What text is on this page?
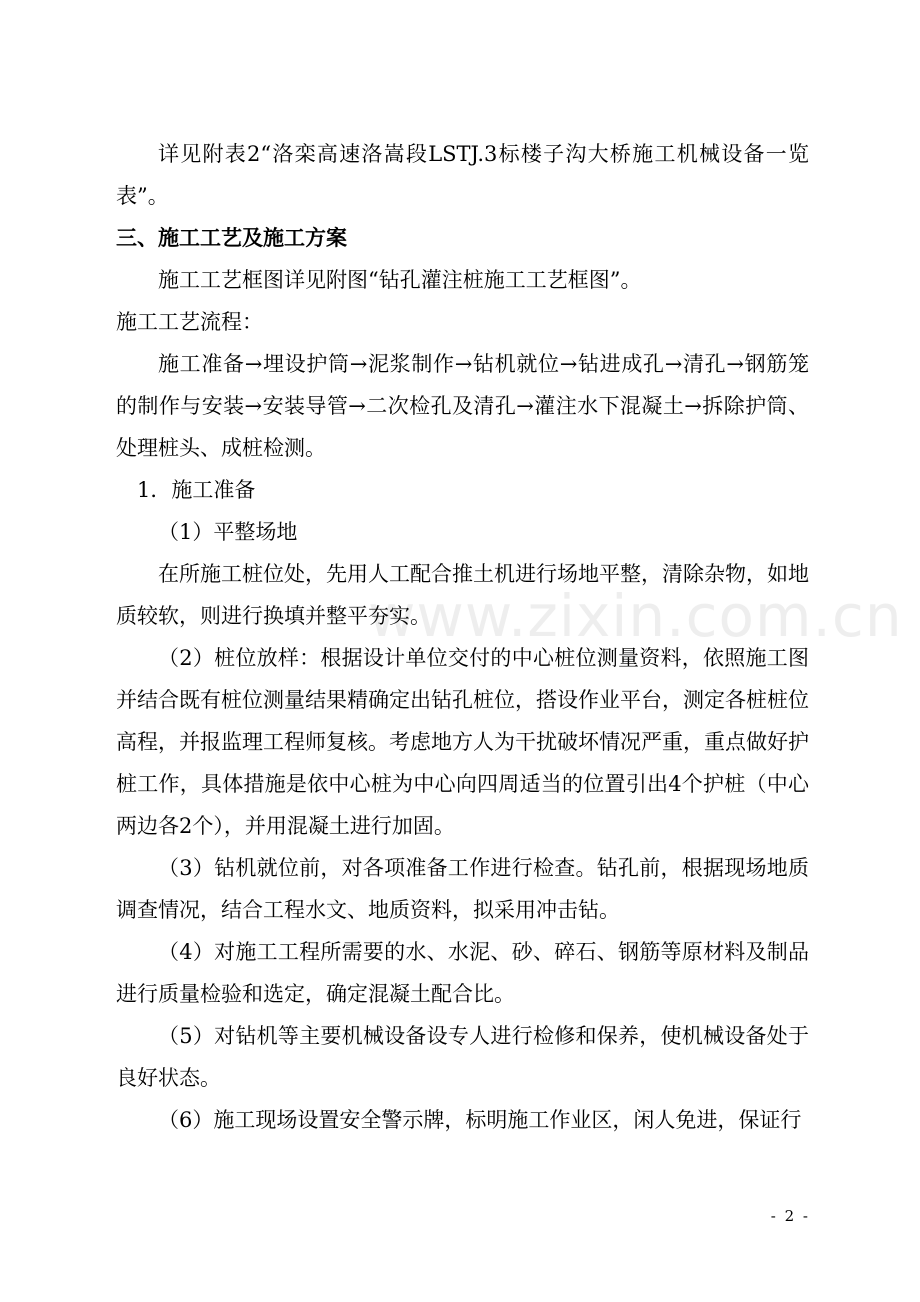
www.zixin.com.cn

详见附表2“洛栾高速洛嵩段LSTJ.3标楼子沟大桥施工机械设备一览表”。

三、施工工艺及施工方案

施工工艺框图详见附图“钻孔灌注桩施工工艺框图”。

施工工艺流程：

施工准备→埋设护筒→泥浆制作→钻机就位→钻进成孔→清孔→钢筋笼的制作与安装→安装导管→二次检孔及清孔→灌注水下混凝土→拆除护筒、处理桩头、成桩检测。

1．施工准备

（1）平整场地

在所施工桩位处，先用人工配合推土机进行场地平整，清除杂物，如地质较软，则进行换填并整平夯实。

（2）桩位放样：根据设计单位交付的中心桩位测量资料，依照施工图并结合既有桩位测量结果精确定出钻孔桩位，搭设作业平台，测定各桩桩位高程，并报监理工程师复核。考虑地方人为干扰破坏情况严重，重点做好护桩工作，具体措施是依中心桩为中心向四周适当的位置引出4个护桩（中心两边各2个），并用混凝土进行加固。

（3）钻机就位前，对各项准备工作进行检查。钻孔前，根据现场地质调查情况，结合工程水文、地质资料，拟采用冲击钻。

（4）对施工工程所需要的水、水泥、砂、碎石、钢筋等原材料及制品进行质量检验和选定，确定混凝土配合比。

（5）对钻机等主要机械设备设专人进行检修和保养，使机械设备处于良好状态。

（6）施工现场设置安全警示牌，标明施工作业区，闲人免进，保证行

- 2 -
